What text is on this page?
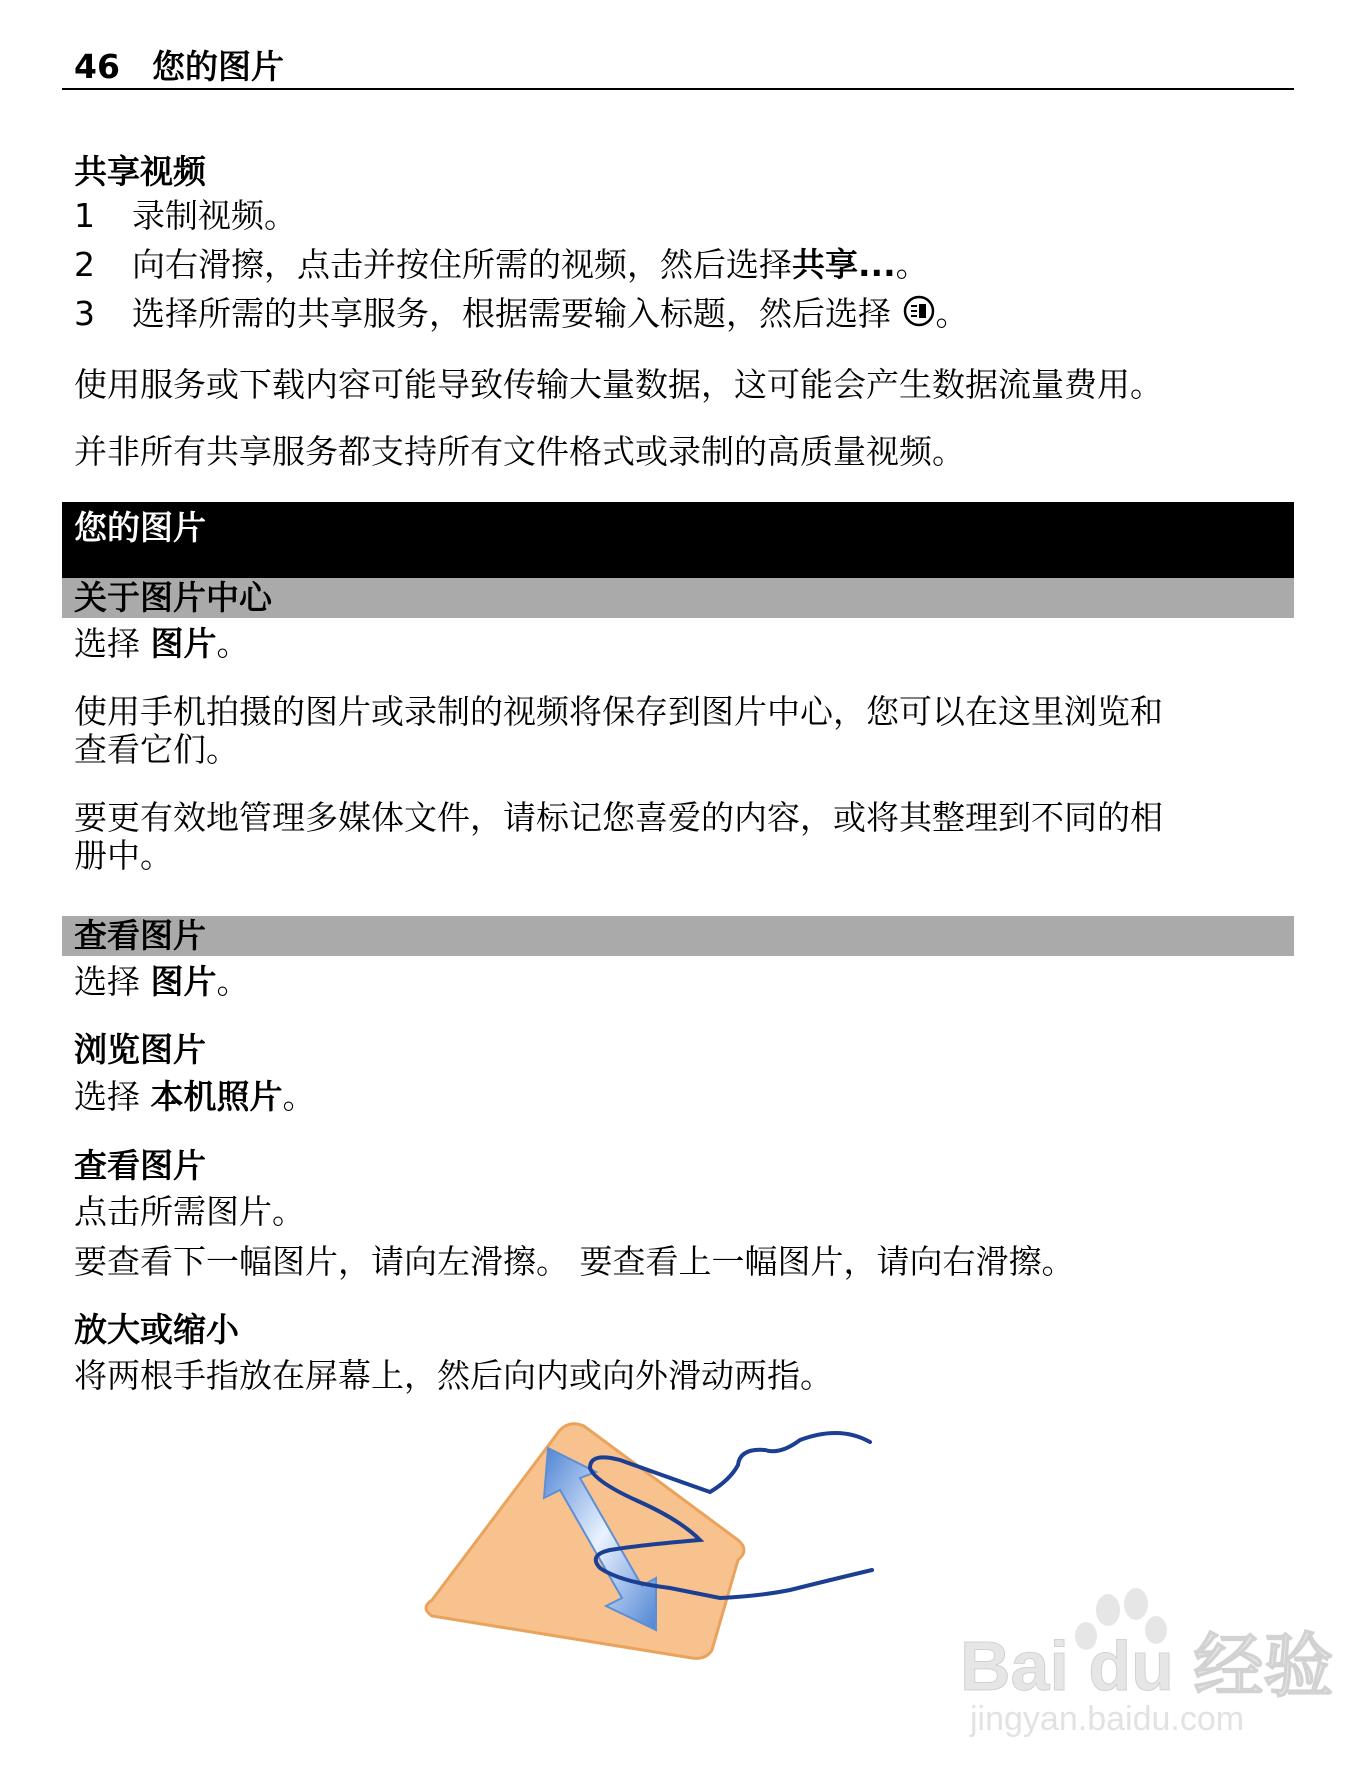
46 您的图片
共享视频
1 录制视频。
2 向右滑擦，点击并按住所需的视频，然后选择共享...。
3 选择所需的共享服务，根据需要输入标题，然后选择 。
使用服务或下载内容可能导致传输大量数据，这可能会产生数据流量费用。
并非所有共享服务都支持所有文件格式或录制的高质量视频。
您的图片
关于图片中心
选择 图片。
使用手机拍摄的图片或录制的视频将保存到图片中心，您可以在这里浏览和
查看它们。
要更有效地管理多媒体文件，请标记您喜爱的内容，或将其整理到不同的相
册中。
查看图片
选择 图片。
浏览图片
选择 本机照片。
查看图片
点击所需图片。
要查看下一幅图片，请向左滑擦。 要查看上一幅图片，请向右滑擦。
放大或缩小
将两根手指放在屏幕上，然后向内或向外滑动两指。
Bai du 经验
jingyan.baidu.com
